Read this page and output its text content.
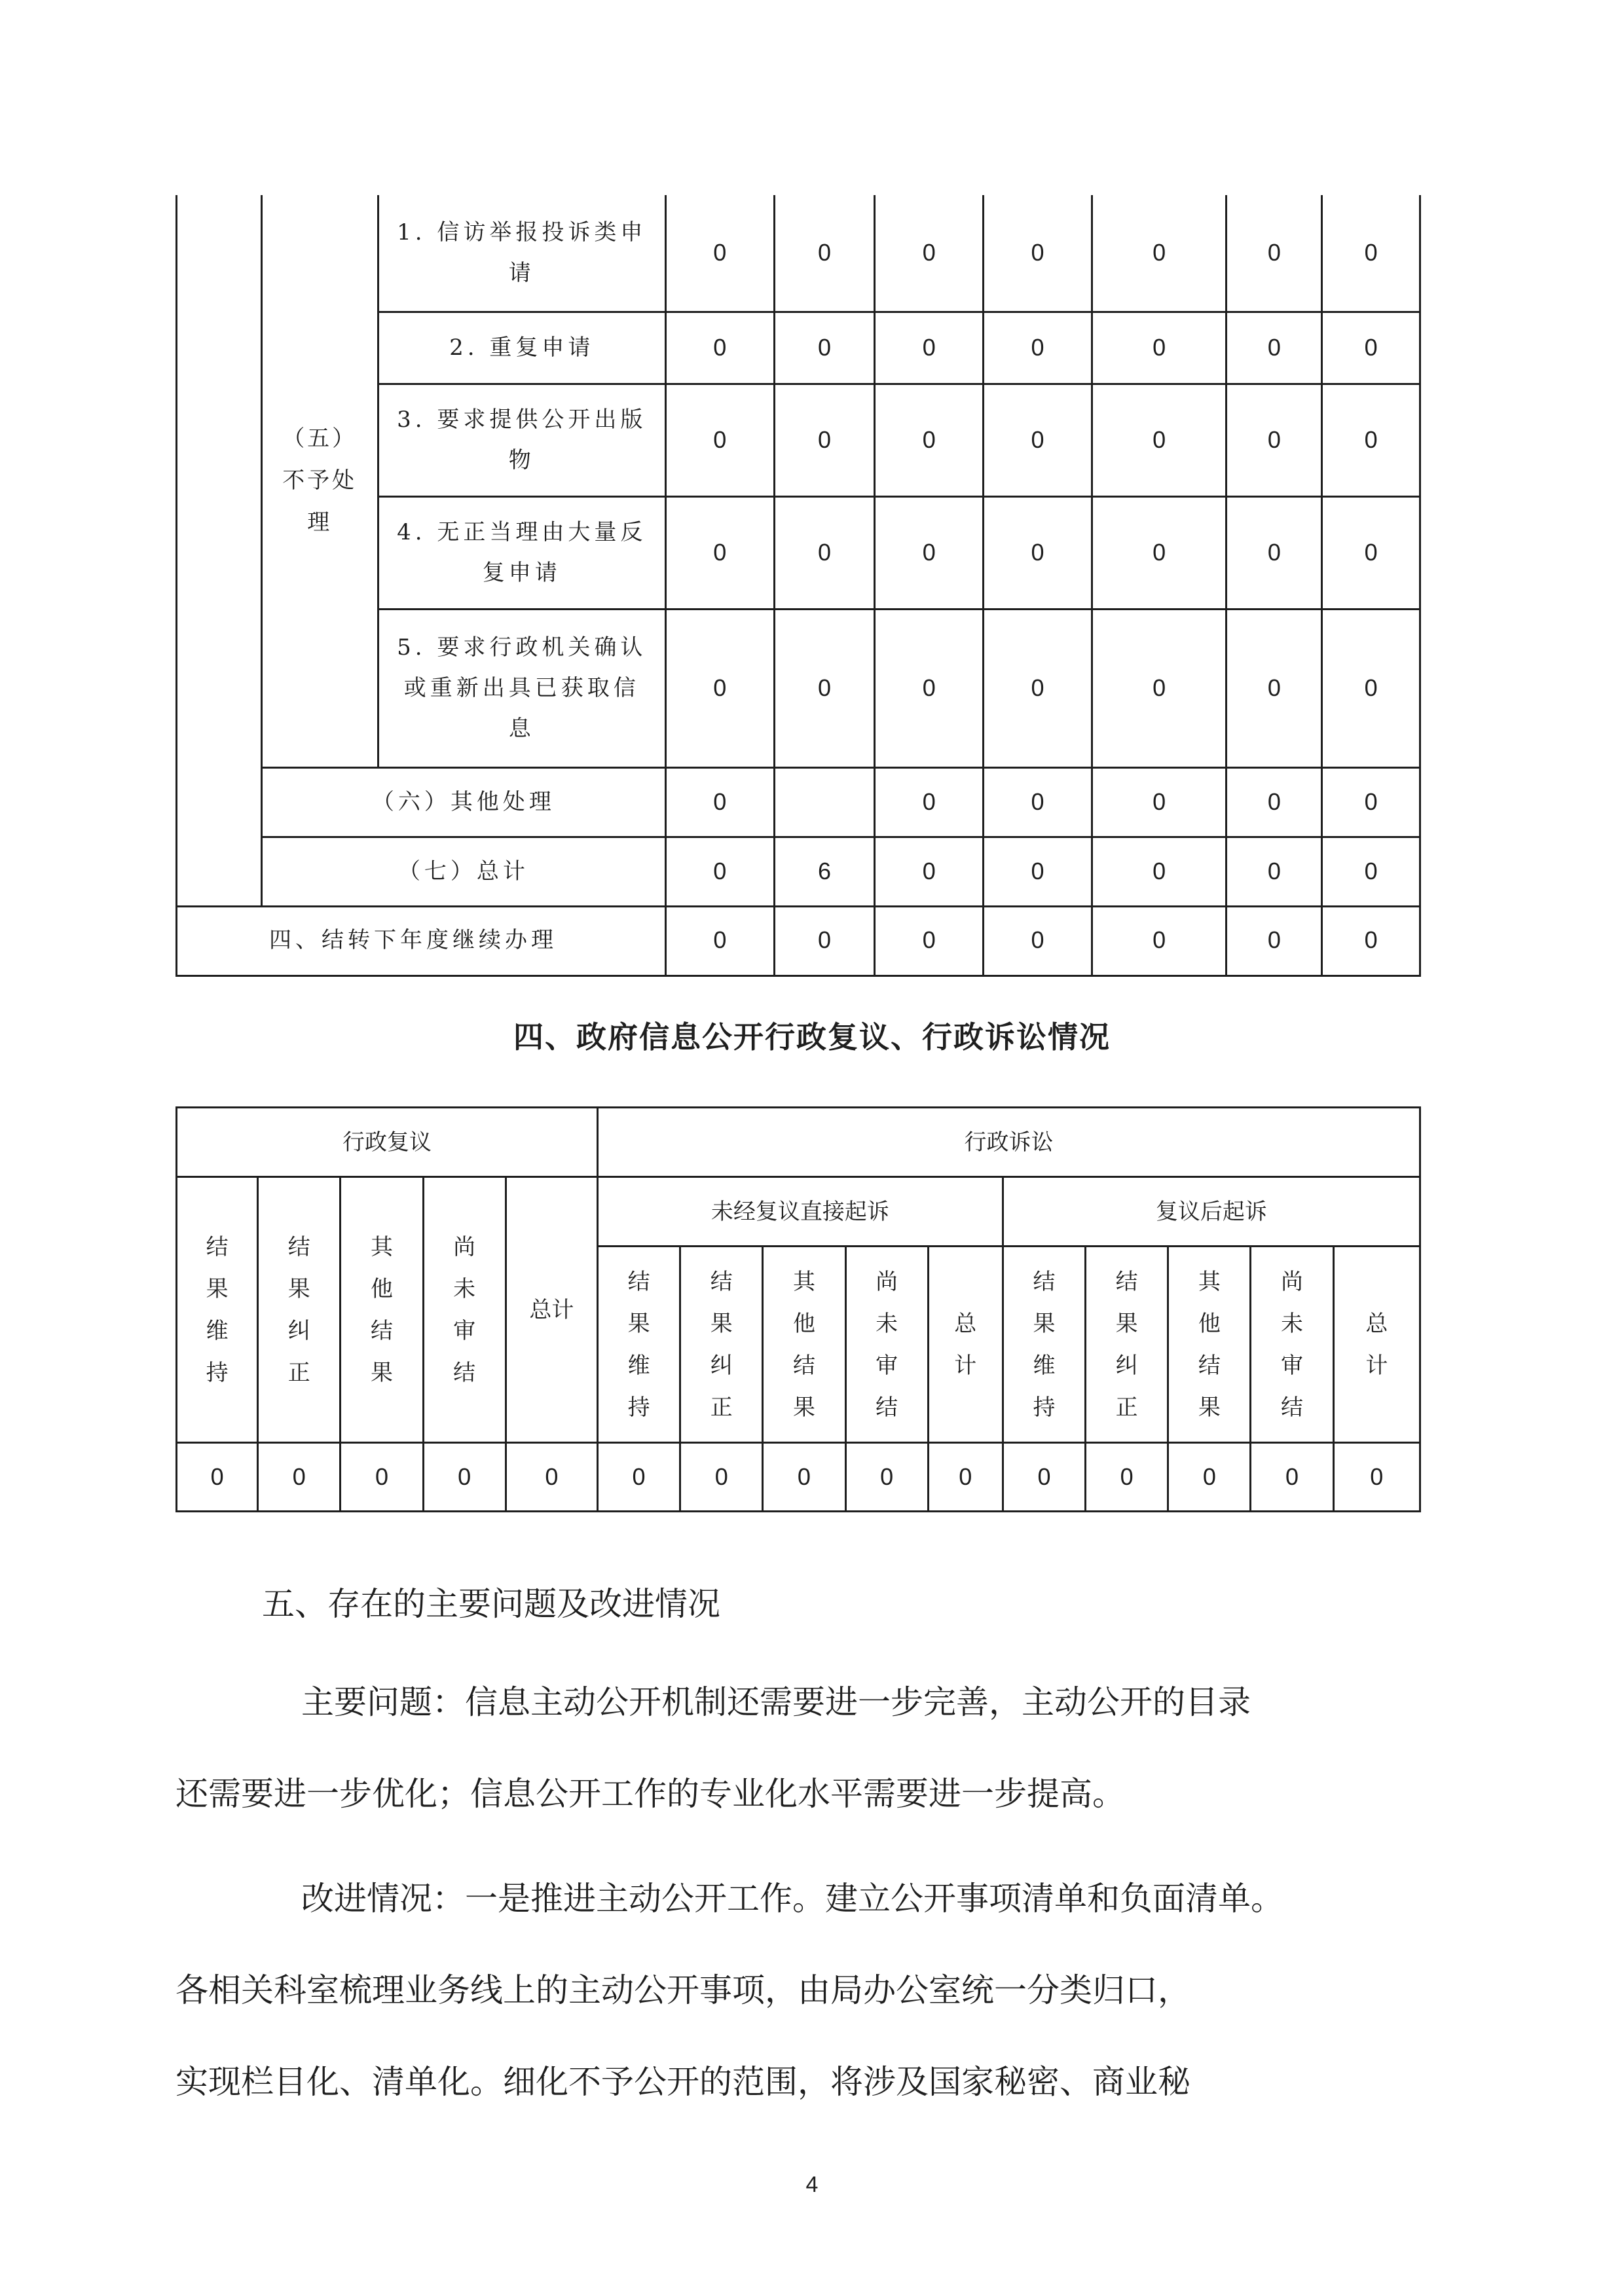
	（五）
不予处
理	1. 信访举报投诉类申
请	0	0	0	0	0	0	0
		2. 重复申请	0	0	0	0	0	0	0
		3. 要求提供公开出版
物	0	0	0	0	0	0	0
		4. 无正当理由大量反
复申请	0	0	0	0	0	0	0
		5. 要求行政机关确认
或重新出具已获取信
息	0	0	0	0	0	0	0
	（六）其他处理		0		0	0	0	0	0
	（七）总计		0	6	0	0	0	0	0
四、结转下年度继续办理	0	0	0	0	0	0	0
四、政府信息公开行政复议、行政诉讼情况
行政复议					行政诉讼									
结果维持	结果纠正	其他结果	尚未审结	总计	未经复议直接起诉					复议后起诉				
					结果维持	结果纠正	其他结果	尚未审结	总计	结果维持	结果纠正	其他结果	尚未审结	总计
0	0	0	0	0	0	0	0	0	0	0	0	0	0	0
五、存在的主要问题及改进情况
主要问题：信息主动公开机制还需要进一步完善，主动公开的目录
还需要进一步优化；信息公开工作的专业化水平需要进一步提高。
改进情况：一是推进主动公开工作。建立公开事项清单和负面清单。
各相关科室梳理业务线上的主动公开事项，由局办公室统一分类归口，
实现栏目化、清单化。细化不予公开的范围，将涉及国家秘密、商业秘
4
